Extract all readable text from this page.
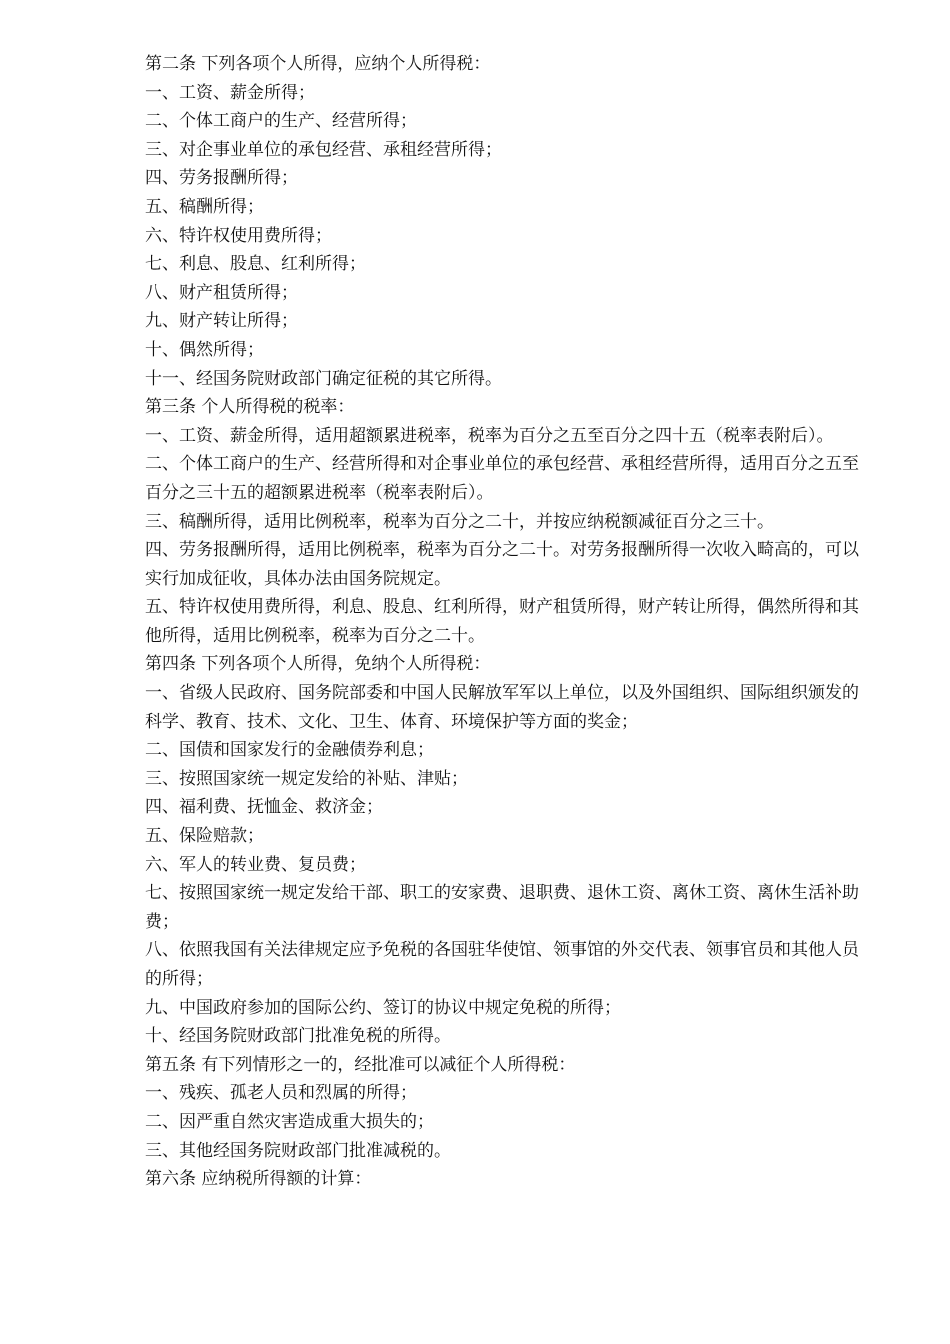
第二条 下列各项个人所得，应纳个人所得税：

一、工资、薪金所得；

二、个体工商户的生产、经营所得；

三、对企事业单位的承包经营、承租经营所得；

四、劳务报酬所得；

五、稿酬所得；

六、特许权使用费所得；

七、利息、股息、红利所得；

八、财产租赁所得；

九、财产转让所得；

十、偶然所得；

十一、经国务院财政部门确定征税的其它所得。

第三条 个人所得税的税率：

一、工资、薪金所得，适用超额累进税率，税率为百分之五至百分之四十五（税率表附后）。

二、个体工商户的生产、经营所得和对企事业单位的承包经营、承租经营所得，适用百分之五至百分之三十五的超额累进税率（税率表附后）。

三、稿酬所得，适用比例税率，税率为百分之二十，并按应纳税额减征百分之三十。

四、劳务报酬所得，适用比例税率，税率为百分之二十。对劳务报酬所得一次收入畸高的，可以实行加成征收，具体办法由国务院规定。

五、特许权使用费所得，利息、股息、红利所得，财产租赁所得，财产转让所得，偶然所得和其他所得，适用比例税率，税率为百分之二十。

第四条 下列各项个人所得，免纳个人所得税：

一、省级人民政府、国务院部委和中国人民解放军军以上单位，以及外国组织、国际组织颁发的科学、教育、技术、文化、卫生、体育、环境保护等方面的奖金；

二、国债和国家发行的金融债券利息；

三、按照国家统一规定发给的补贴、津贴；

四、福利费、抚恤金、救济金；

五、保险赔款；

六、军人的转业费、复员费；

七、按照国家统一规定发给干部、职工的安家费、退职费、退休工资、离休工资、离休生活补助费；

八、依照我国有关法律规定应予免税的各国驻华使馆、领事馆的外交代表、领事官员和其他人员的所得；

九、中国政府参加的国际公约、签订的协议中规定免税的所得；

十、经国务院财政部门批准免税的所得。

第五条 有下列情形之一的，经批准可以减征个人所得税：

一、残疾、孤老人员和烈属的所得；

二、因严重自然灾害造成重大损失的；

三、其他经国务院财政部门批准减税的。

第六条 应纳税所得额的计算：
